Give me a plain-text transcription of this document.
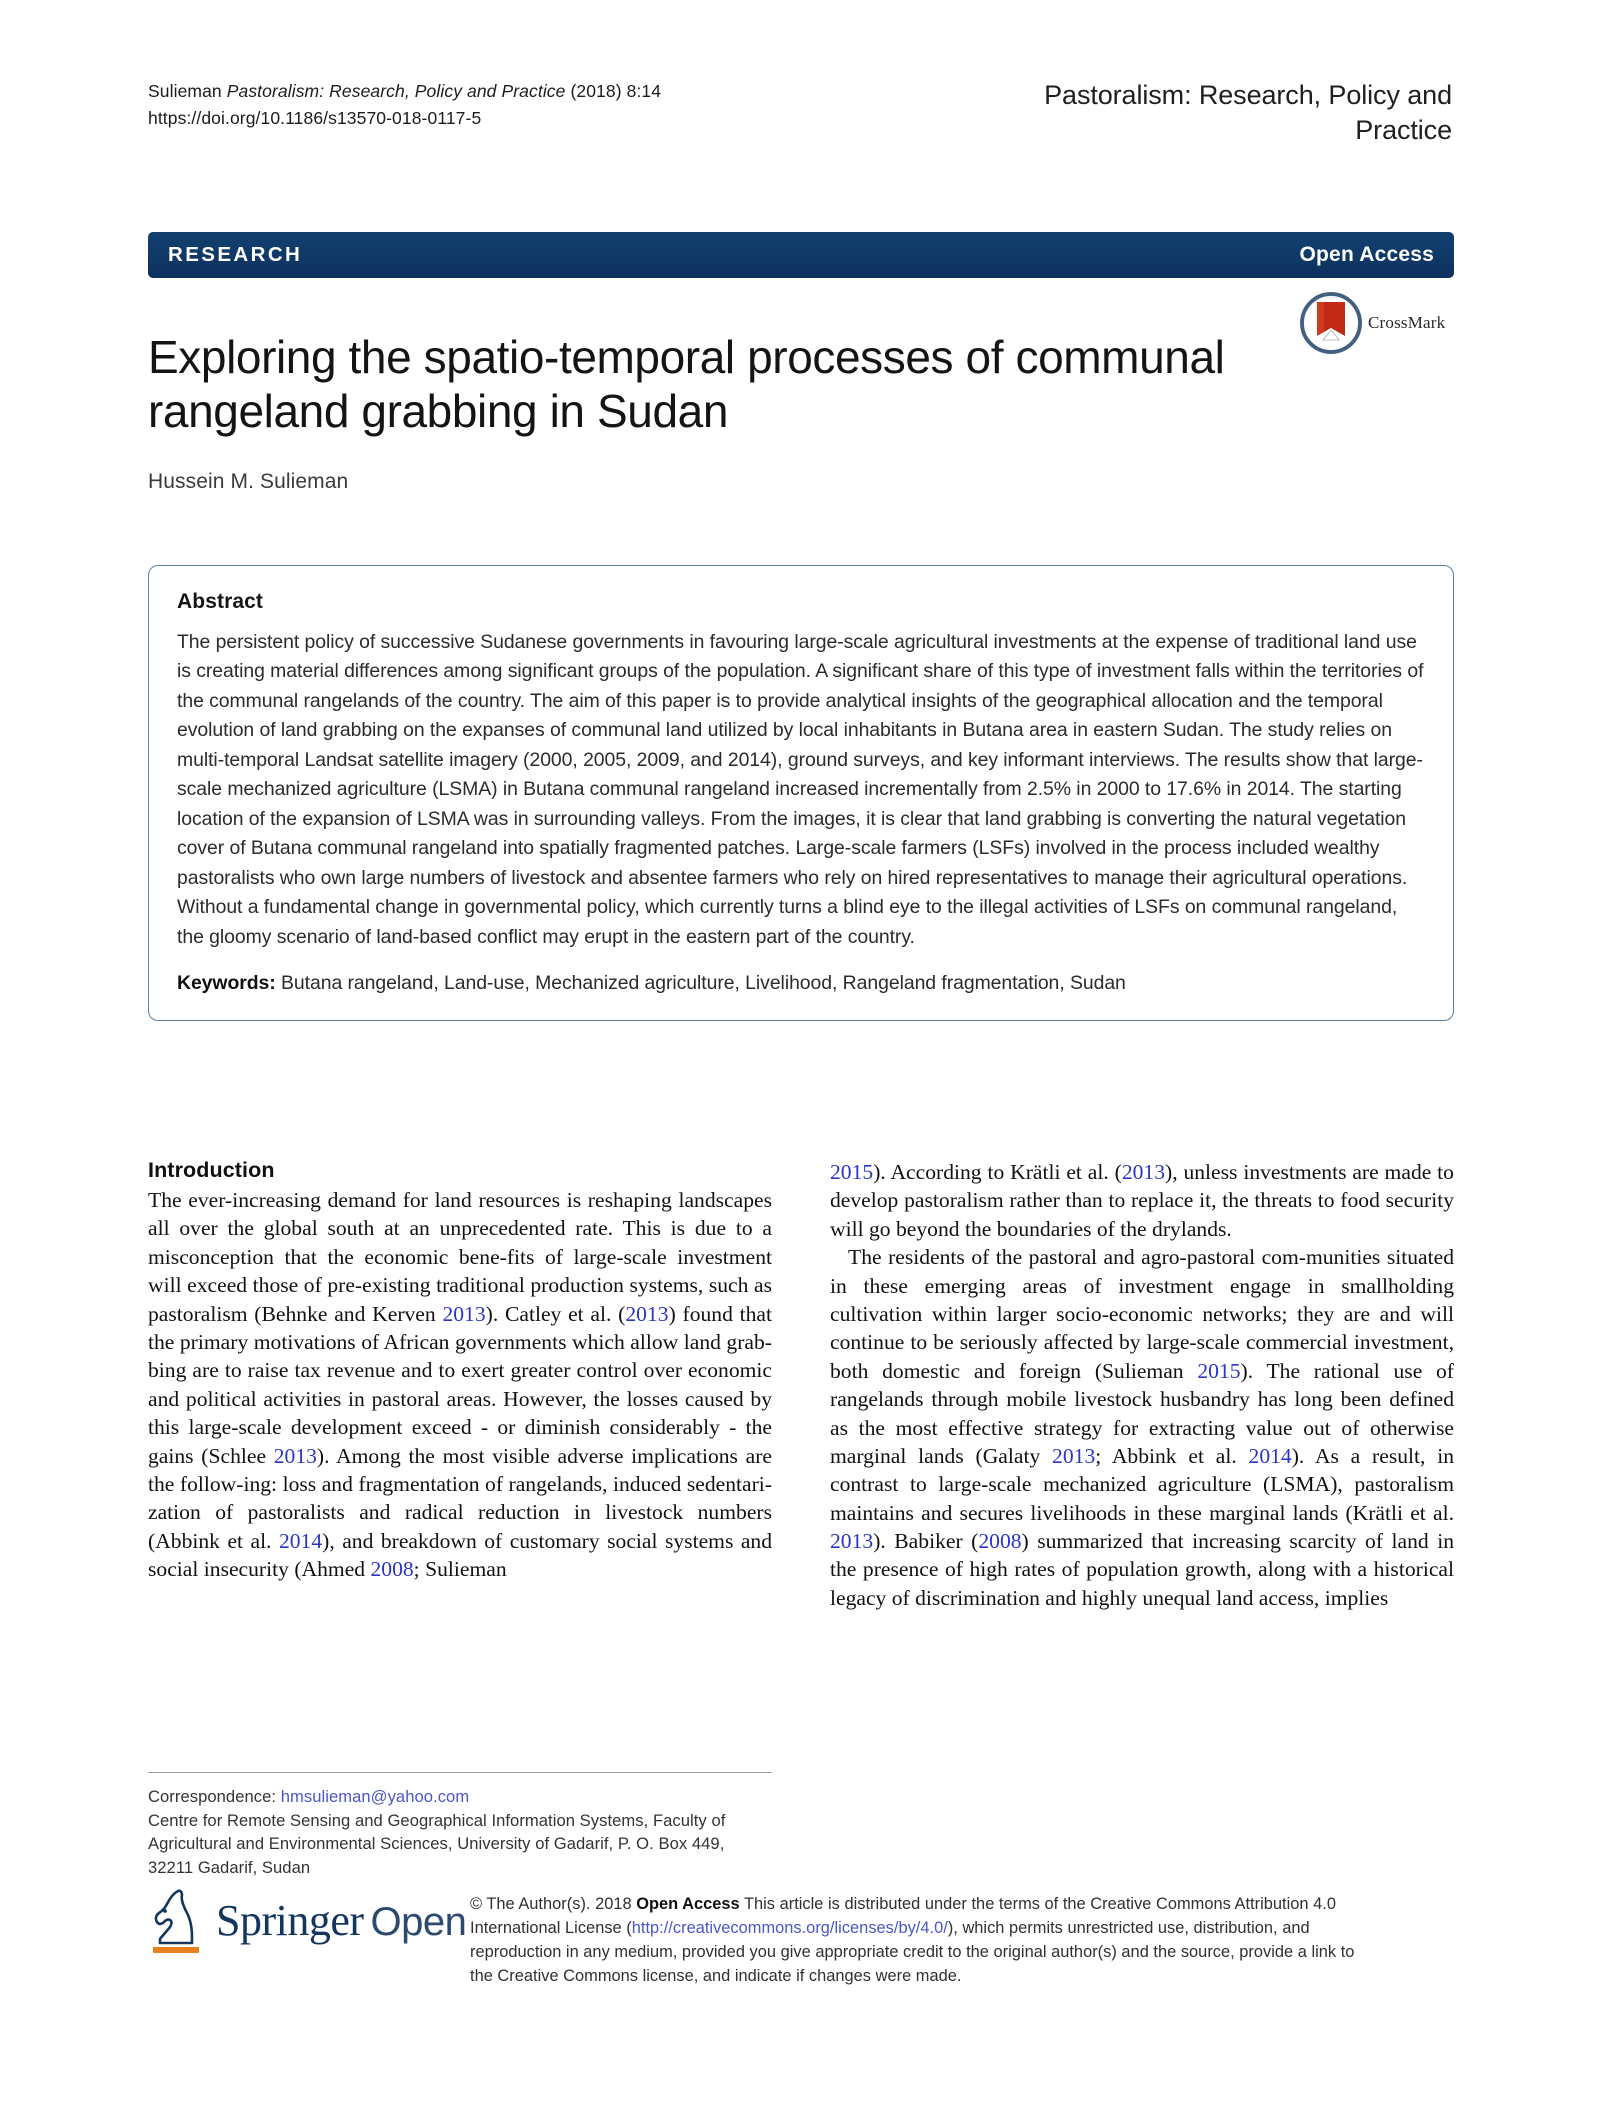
Sulieman Pastoralism: Research, Policy and Practice (2018) 8:14
https://doi.org/10.1186/s13570-018-0117-5
Pastoralism: Research, Policy and Practice
RESEARCH	Open Access
CrossMark
Exploring the spatio-temporal processes of communal rangeland grabbing in Sudan
Hussein M. Sulieman
Abstract
The persistent policy of successive Sudanese governments in favouring large-scale agricultural investments at the expense of traditional land use is creating material differences among significant groups of the population. A significant share of this type of investment falls within the territories of the communal rangelands of the country. The aim of this paper is to provide analytical insights of the geographical allocation and the temporal evolution of land grabbing on the expanses of communal land utilized by local inhabitants in Butana area in eastern Sudan. The study relies on multi-temporal Landsat satellite imagery (2000, 2005, 2009, and 2014), ground surveys, and key informant interviews. The results show that large-scale mechanized agriculture (LSMA) in Butana communal rangeland increased incrementally from 2.5% in 2000 to 17.6% in 2014. The starting location of the expansion of LSMA was in surrounding valleys. From the images, it is clear that land grabbing is converting the natural vegetation cover of Butana communal rangeland into spatially fragmented patches. Large-scale farmers (LSFs) involved in the process included wealthy pastoralists who own large numbers of livestock and absentee farmers who rely on hired representatives to manage their agricultural operations. Without a fundamental change in governmental policy, which currently turns a blind eye to the illegal activities of LSFs on communal rangeland, the gloomy scenario of land-based conflict may erupt in the eastern part of the country.
Keywords: Butana rangeland, Land-use, Mechanized agriculture, Livelihood, Rangeland fragmentation, Sudan
Introduction

The ever-increasing demand for land resources is reshaping landscapes all over the global south at an unprecedented rate. This is due to a misconception that the economic bene-fits of large-scale investment will exceed those of pre-existing traditional production systems, such as pastoralism (Behnke and Kerven 2013). Catley et al. (2013) found that the primary motivations of African governments which allow land grab-bing are to raise tax revenue and to exert greater control over economic and political activities in pastoral areas. However, the losses caused by this large-scale development exceed - or diminish considerably - the gains (Schlee 2013). Among the most visible adverse implications are the follow-ing: loss and fragmentation of rangelands, induced sedentari-zation of pastoralists and radical reduction in livestock numbers (Abbink et al. 2014), and breakdown of customary social systems and social insecurity (Ahmed 2008; Sulieman

2015). According to Krätli et al. (2013), unless investments are made to develop pastoralism rather than to replace it, the threats to food security will go beyond the boundaries of the drylands.

The residents of the pastoral and agro-pastoral com-munities situated in these emerging areas of investment engage in smallholding cultivation within larger socio-economic networks; they are and will continue to be seriously affected by large-scale commercial investment, both domestic and foreign (Sulieman 2015). The rational use of rangelands through mobile livestock husbandry has long been defined as the most effective strategy for extracting value out of otherwise marginal lands (Galaty 2013; Abbink et al. 2014). As a result, in contrast to large-scale mechanized agriculture (LSMA), pastoralism maintains and secures livelihoods in these marginal lands (Krätli et al. 2013). Babiker (2008) summarized that increasing scarcity of land in the presence of high rates of population growth, along with a historical legacy of discrimination and highly unequal land access, implies

Correspondence: hmsulieman@yahoo.com
Centre for Remote Sensing and Geographical Information Systems, Faculty of Agricultural and Environmental Sciences, University of Gadarif, P. O. Box 449, 32211 Gadarif, Sudan
Springer Open © The Author(s). 2018 Open Access This article is distributed under the terms of the Creative Commons Attribution 4.0 International License (http://creativecommons.org/licenses/by/4.0/), which permits unrestricted use, distribution, and reproduction in any medium, provided you give appropriate credit to the original author(s) and the source, provide a link to the Creative Commons license, and indicate if changes were made.
